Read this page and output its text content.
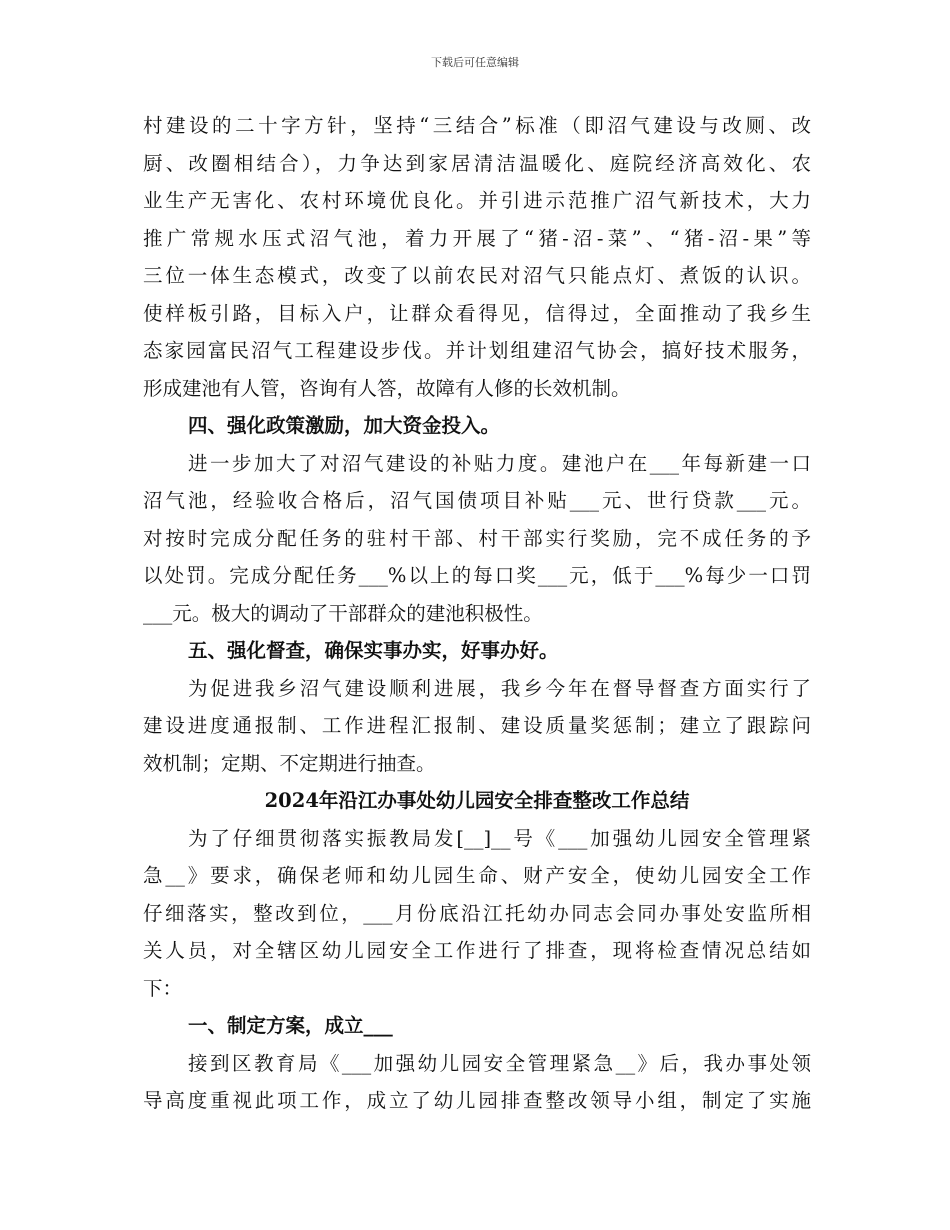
下载后可任意编辑
村建设的二十字方针，坚持“三结合”标准（即沼气建设与改厕、改
厨、改圈相结合），力争达到家居清洁温暖化、庭院经济高效化、农
业生产无害化、农村环境优良化。并引进示范推广沼气新技术，大力
推广常规水压式沼气池，着力开展了“猪-沼-菜”、“猪-沼-果”等
三位一体生态模式，改变了以前农民对沼气只能点灯、煮饭的认识。
使样板引路，目标入户，让群众看得见，信得过，全面推动了我乡生
态家园富民沼气工程建设步伐。并计划组建沼气协会，搞好技术服务，
形成建池有人管，咨询有人答，故障有人修的长效机制。
四、强化政策激励，加大资金投入。
进一步加大了对沼气建设的补贴力度。建池户在___年每新建一口
沼气池，经验收合格后，沼气国债项目补贴___元、世行贷款___元。
对按时完成分配任务的驻村干部、村干部实行奖励，完不成任务的予
以处罚。完成分配任务___%以上的每口奖___元，低于___%每少一口罚
___元。极大的调动了干部群众的建池积极性。
五、强化督查，确保实事办实，好事办好。
为促进我乡沼气建设顺利进展，我乡今年在督导督查方面实行了
建设进度通报制、工作进程汇报制、建设质量奖惩制；建立了跟踪问
效机制；定期、不定期进行抽查。
2024年沿江办事处幼儿园安全排查整改工作总结
为了仔细贯彻落实振教局发[__]__号《___加强幼儿园安全管理紧
急__》要求，确保老师和幼儿园生命、财产安全，使幼儿园安全工作
仔细落实，整改到位，___月份底沿江托幼办同志会同办事处安监所相
关人员，对全辖区幼儿园安全工作进行了排查，现将检查情况总结如
下：
一、制定方案，成立___
接到区教育局《___加强幼儿园安全管理紧急__》后，我办事处领
导高度重视此项工作，成立了幼儿园排查整改领导小组，制定了实施
